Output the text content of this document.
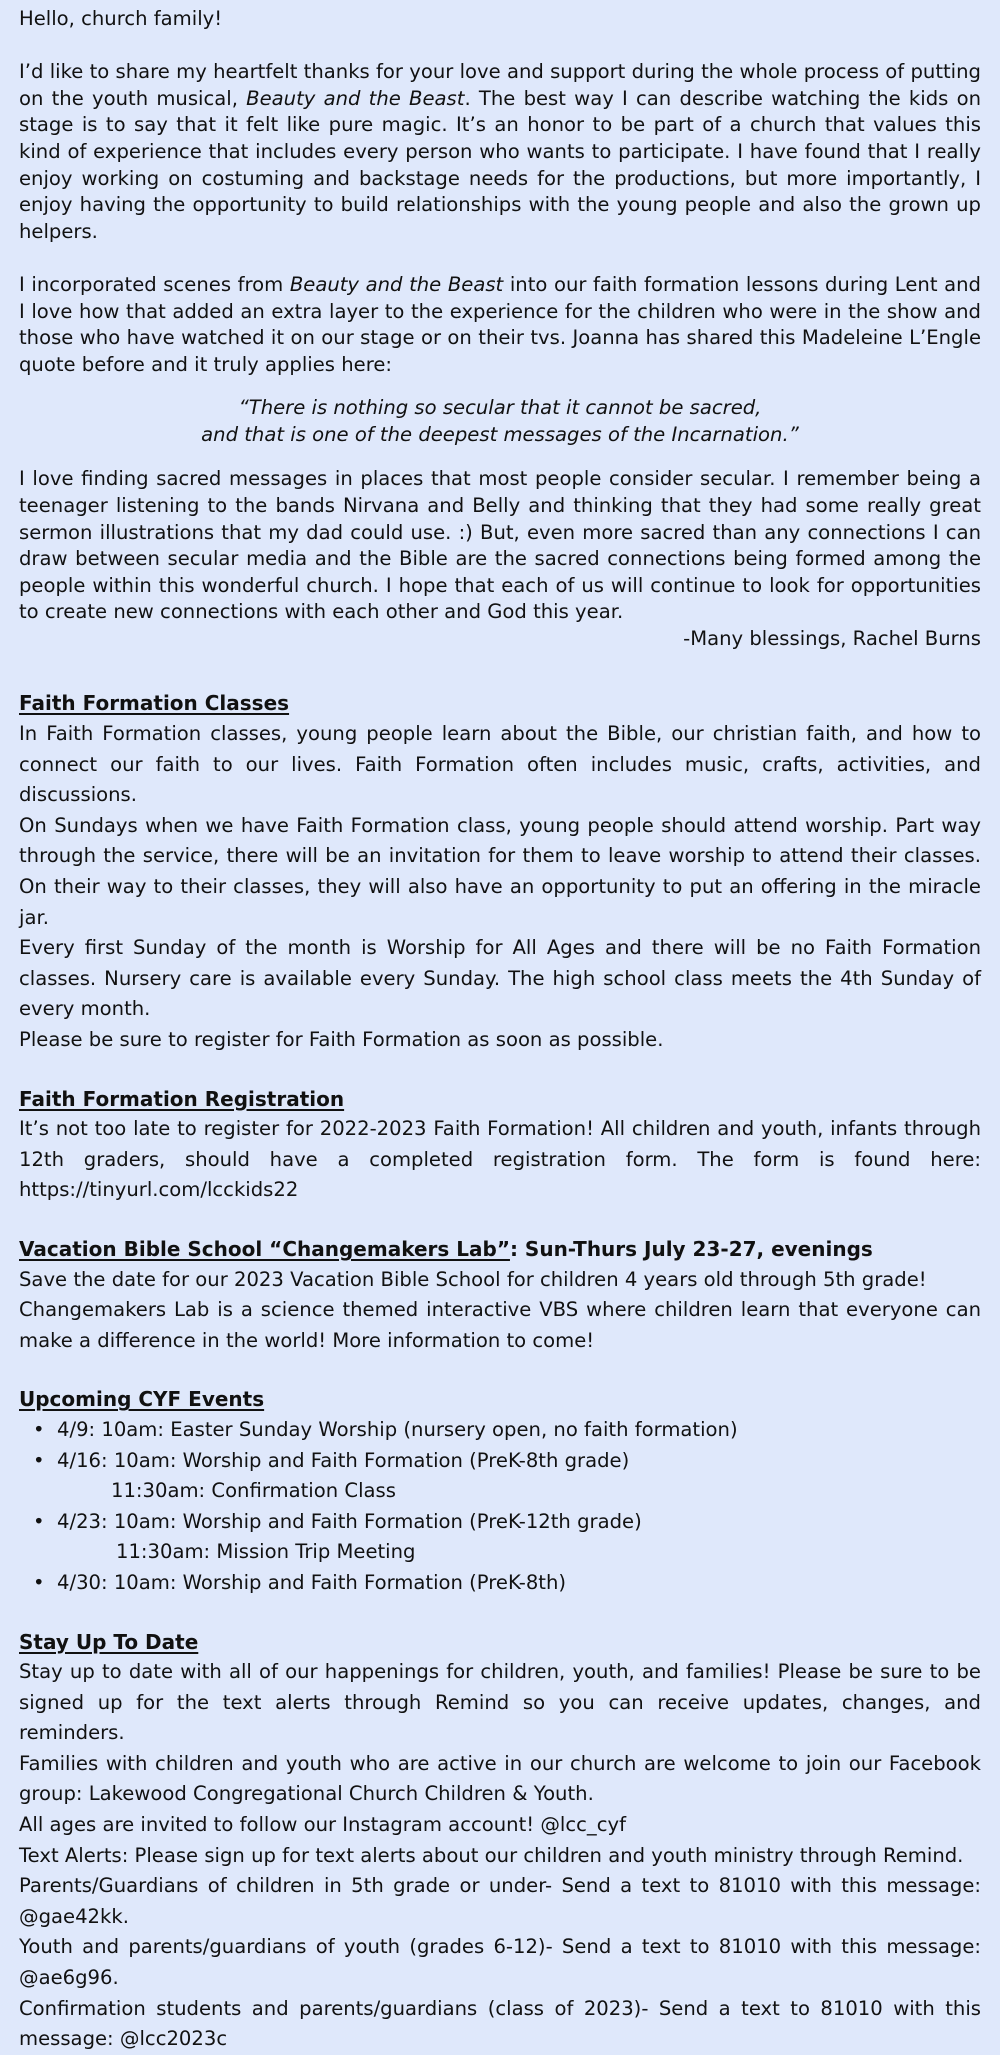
Hello, church family!

I’d like to share my heartfelt thanks for your love and support during the whole process of putting on the youth musical, Beauty and the Beast. The best way I can describe watching the kids on stage is to say that it felt like pure magic. It’s an honor to be part of a church that values this kind of experience that includes every person who wants to participate. I have found that I really enjoy working on costuming and backstage needs for the productions, but more importantly, I enjoy having the opportunity to build relationships with the young people and also the grown up helpers.

I incorporated scenes from Beauty and the Beast into our faith formation lessons during Lent and I love how that added an extra layer to the experience for the children who were in the show and those who have watched it on our stage or on their tvs. Joanna has shared this Madeleine L’Engle quote before and it truly applies here:

“There is nothing so secular that it cannot be sacred,
and that is one of the deepest messages of the Incarnation.”

I love finding sacred messages in places that most people consider secular. I remember being a teenager listening to the bands Nirvana and Belly and thinking that they had some really great sermon illustrations that my dad could use. :) But, even more sacred than any connections I can draw between secular media and the Bible are the sacred connections being formed among the people within this wonderful church. I hope that each of us will continue to look for opportunities to create new connections with each other and God this year.

-Many blessings, Rachel Burns

Faith Formation Classes

In Faith Formation classes, young people learn about the Bible, our christian faith, and how to connect our faith to our lives. Faith Formation often includes music, crafts, activities, and discussions.

On Sundays when we have Faith Formation class, young people should attend worship. Part way through the service, there will be an invitation for them to leave worship to attend their classes. On their way to their classes, they will also have an opportunity to put an offering in the miracle jar.

Every first Sunday of the month is Worship for All Ages and there will be no Faith Formation classes. Nursery care is available every Sunday. The high school class meets the 4th Sunday of every month.

Please be sure to register for Faith Formation as soon as possible.

Faith Formation Registration

It’s not too late to register for 2022-2023 Faith Formation! All children and youth, infants through 12th graders, should have a completed registration form. The form is found here: https://tinyurl.com/lcckids22

Vacation Bible School “Changemakers Lab”: Sun-Thurs July 23-27, evenings

Save the date for our 2023 Vacation Bible School for children 4 years old through 5th grade!

Changemakers Lab is a science themed interactive VBS where children learn that everyone can make a difference in the world! More information to come!

Upcoming CYF Events
• 4/9: 10am: Easter Sunday Worship (nursery open, no faith formation)
• 4/16: 10am: Worship and Faith Formation (PreK-8th grade)
11:30am: Confirmation Class
• 4/23: 10am: Worship and Faith Formation (PreK-12th grade)
11:30am: Mission Trip Meeting
• 4/30: 10am: Worship and Faith Formation (PreK-8th)
Stay Up To Date

Stay up to date with all of our happenings for children, youth, and families! Please be sure to be signed up for the text alerts through Remind so you can receive updates, changes, and reminders.

Families with children and youth who are active in our church are welcome to join our Facebook group: Lakewood Congregational Church Children & Youth.

All ages are invited to follow our Instagram account! @lcc_cyf

Text Alerts: Please sign up for text alerts about our children and youth ministry through Remind.

Parents/Guardians of children in 5th grade or under- Send a text to 81010 with this message: @gae42kk.

Youth and parents/guardians of youth (grades 6-12)- Send a text to 81010 with this message: @ae6g96.

Confirmation students and parents/guardians (class of 2023)- Send a text to 81010 with this message: @lcc2023c
